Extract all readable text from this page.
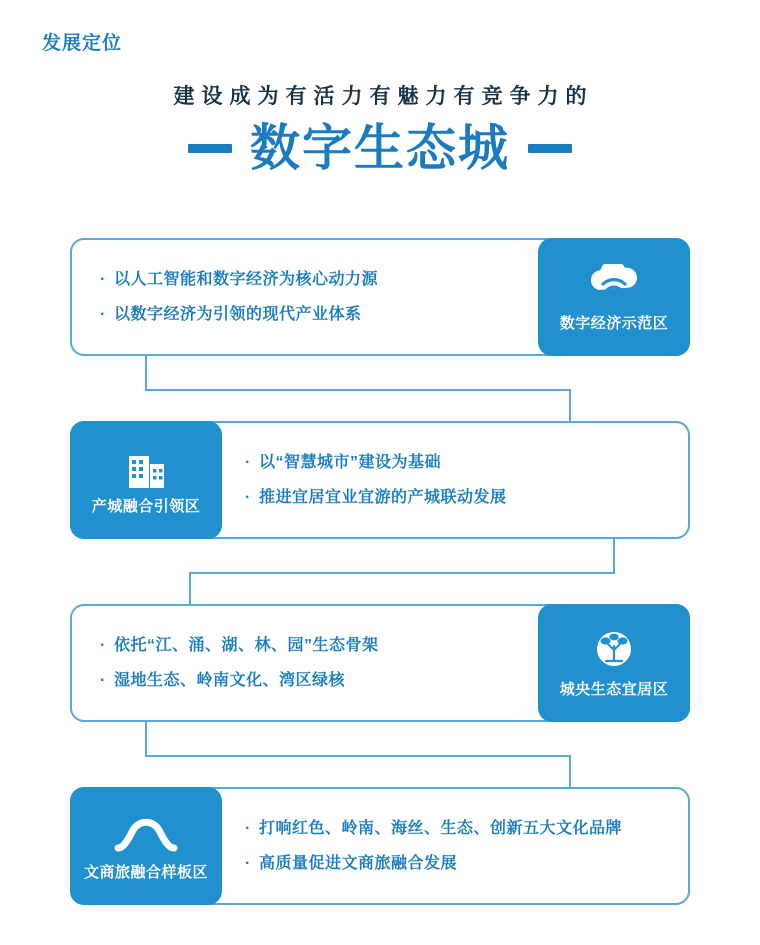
发展定位
建设成为有活力有魅力有竞争力的
数字生态城
· 以人工智能和数字经济为核心动力源
· 以数字经济为引领的现代产业体系	数字经济示范区
· 以“智慧城市”建设为基础
· 推进宜居宜业宜游的产城联动发展
产城融合引领区
· 依托“江、涌、湖、林、园”生态骨架
· 湿地生态、岭南文化、湾区绿核	城央生态宜居区
· 打响红色、岭南、海丝、生态、创新五大文化品牌
· 高质量促进文商旅融合发展
文商旅融合样板区
